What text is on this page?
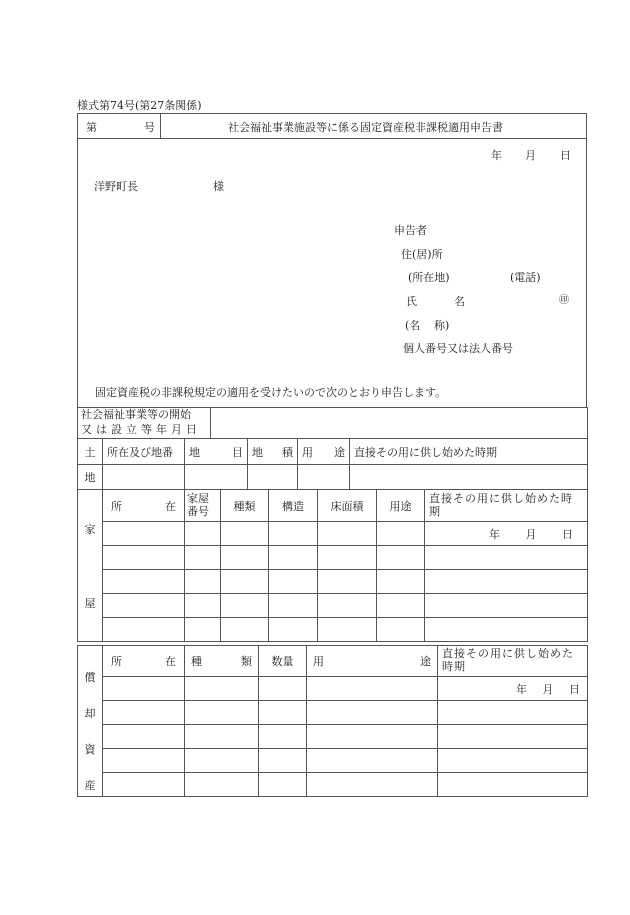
様式第74号(第27条関係)
第	号	社会福祉事業施設等に係る固定資産税非課税適用申告書
年 月 日
洋野町長	様
申告者
住(居)所
(所在地)	(電話)
氏	名	㊞
(名 称)
個人番号又は法人番号
固定資産税の非課税規定の適用を受けたいので次のとおり申告します。
社会福祉事業等の開始
又は設立等年月日

土	所在及び地番	地 目	地 積	用 途	直接その用に供し始めた時期
地					
家
屋	所 在	家屋番号	種類	構造	床面積	用途	直接その用に供し始めた時期
							年 月 日

償
却
資
産	所 在	種 類	数量	用 途	直接その用に供し始めた時期
					年 月 日
